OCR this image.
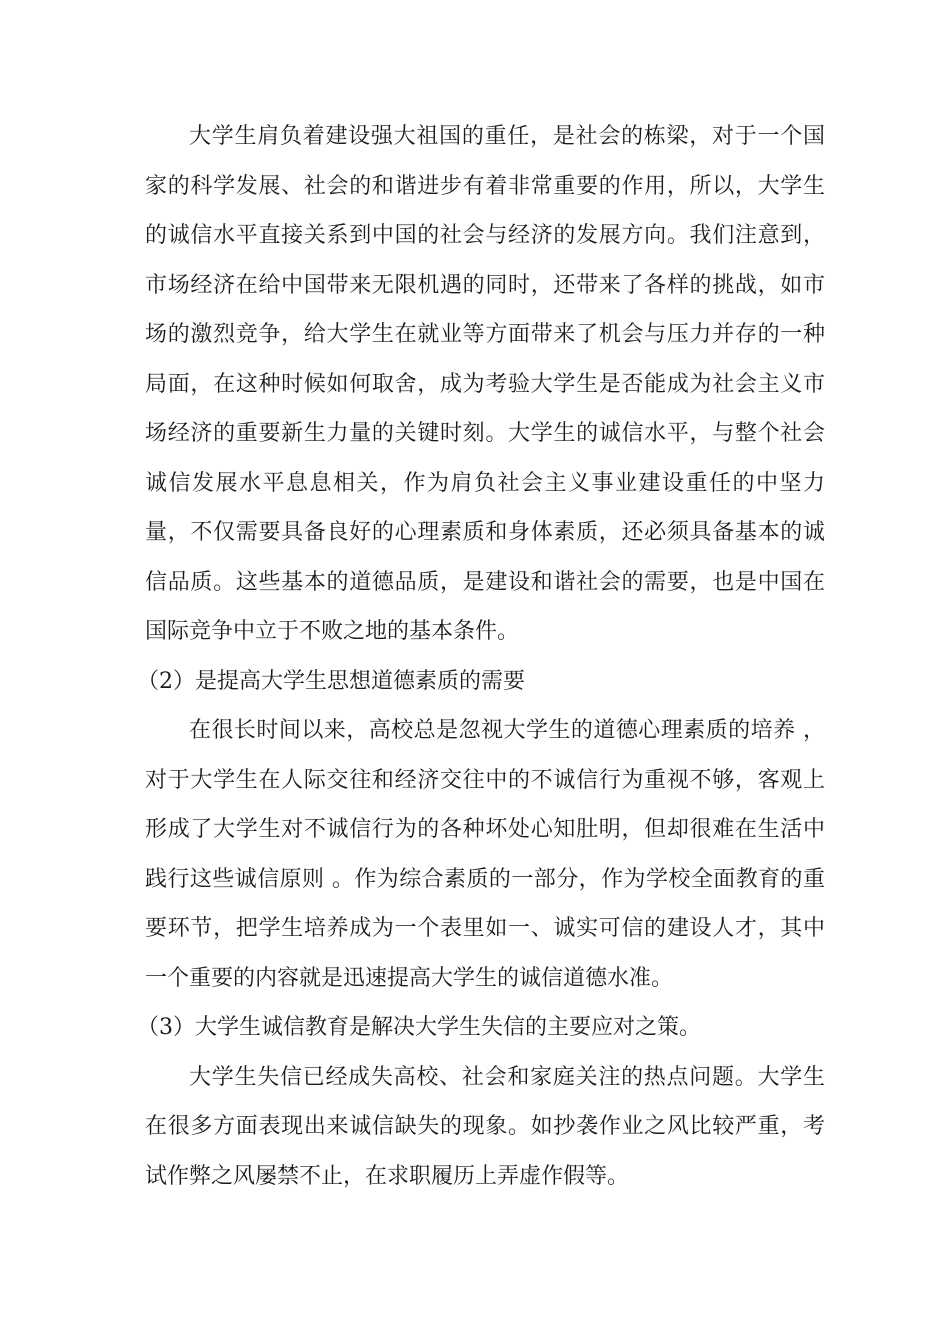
大学生肩负着建设强大祖国的重任，是社会的栋梁，对于一个国家的科学发展、社会的和谐进步有着非常重要的作用，所以，大学生的诚信水平直接关系到中国的社会与经济的发展方向。我们注意到，市场经济在给中国带来无限机遇的同时，还带来了各样的挑战，如市场的激烈竞争，给大学生在就业等方面带来了机会与压力并存的一种局面，在这种时候如何取舍，成为考验大学生是否能成为社会主义市场经济的重要新生力量的关键时刻。大学生的诚信水平，与整个社会诚信发展水平息息相关，作为肩负社会主义事业建设重任的中坚力量，不仅需要具备良好的心理素质和身体素质，还必须具备基本的诚信品质。这些基本的道德品质，是建设和谐社会的需要，也是中国在国际竞争中立于不败之地的基本条件。

（2）是提高大学生思想道德素质的需要

在很长时间以来，高校总是忽视大学生的道德心理素质的培养 ，对于大学生在人际交往和经济交往中的不诚信行为重视不够，客观上形成了大学生对不诚信行为的各种坏处心知肚明，但却很难在生活中践行这些诚信原则 。作为综合素质的一部分，作为学校全面教育的重要环节，把学生培养成为一个表里如一、诚实可信的建设人才，其中一个重要的内容就是迅速提高大学生的诚信道德水准。

（3）大学生诚信教育是解决大学生失信的主要应对之策。

大学生失信已经成失高校、社会和家庭关注的热点问题。大学生在很多方面表现出来诚信缺失的现象。如抄袭作业之风比较严重，考试作弊之风屡禁不止，在求职履历上弄虚作假等。
